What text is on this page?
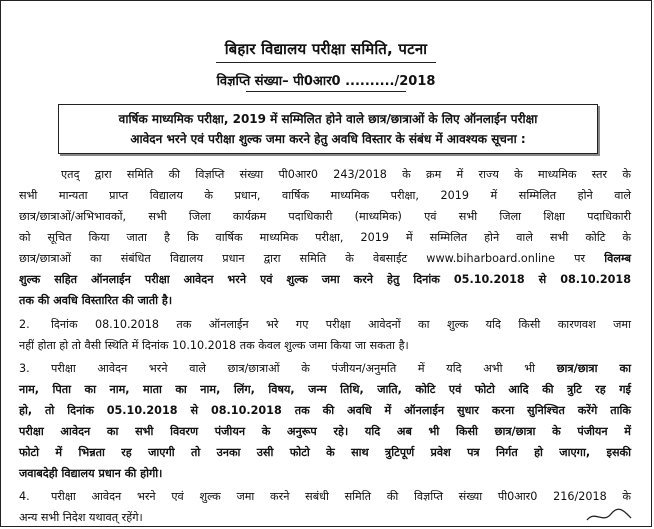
बिहार विद्यालय परीक्षा समिति, पटना
विज्ञप्ति संख्या– पी0आर0 ........../2018
वार्षिक माध्यमिक परीक्षा, 2019 में सम्मिलित होने वाले छात्र/छात्राओं के लिए ऑनलाईन परीक्षा
आवेदन भरने एवं परीक्षा शुल्क जमा करने हेतु अवधि विस्तार के संबंध में आवश्यक सूचना :
एतद् द्वारा समिति की विज्ञप्ति संख्या पी0आर0 243/2018 के क्रम में राज्य के माध्यमिक स्तर के
सभी मान्यता प्राप्त विद्यालय के प्रधान, वार्षिक माध्यमिक परीक्षा, 2019 में सम्मिलित होने वाले
छात्र/छात्राओं/अभिभावकों, सभी जिला कार्यक्रम पदाधिकारी (माध्यमिक) एवं सभी जिला शिक्षा पदाधिकारी
को सूचित किया जाता है कि वार्षिक माध्यमिक परीक्षा, 2019 में सम्मिलित होने वाले सभी कोटि के
छात्र/छात्राओं का संबंधित विद्यालय प्रधान द्वारा समिति के वेबसाईट www.biharboard.online पर विलम्ब
शुल्क सहित ऑनलाईन परीक्षा आवेदन भरने एवं शुल्क जमा करने हेतु दिनांक 05.10.2018 से 08.10.2018
तक की अवधि विस्तारित की जाती है।
2. दिनांक 08.10.2018 तक ऑनलाईन भरे गए परीक्षा आवेदनों का शुल्क यदि किसी कारणवश जमा
नहीं होता हो तो वैसी स्थिति में दिनांक 10.10.2018 तक केवल शुल्क जमा किया जा सकता है।
3. परीक्षा आवेदन भरने वाले छात्र/छात्राओं के पंजीयन/अनुमति में यदि अभी भी छात्र/छात्रा का
नाम, पिता का नाम, माता का नाम, लिंग, विषय, जन्म तिथि, जाति, कोटि एवं फोटो आदि की त्रुटि रह गई
हो, तो दिनांक 05.10.2018 से 08.10.2018 तक की अवधि में ऑनलाईन सुधार करना सुनिश्चित करेंगे ताकि
परीक्षा आवेदन का सभी विवरण पंजीयन के अनुरूप रहे। यदि अब भी किसी छात्र/छात्रा के पंजीयन में
फोटो में भिन्नता रह जाएगी तो उनका उसी फोटो के साथ त्रुटिपूर्ण प्रवेश पत्र निर्गत हो जाएगा, इसकी
जवाबदेही विद्यालय प्रधान की होगी।
4. परीक्षा आवेदन भरने एवं शुल्क जमा करने सबंधी समिति की विज्ञप्ति संख्या पी0आर0 216/2018 के
अन्य सभी निदेश यथावत् रहेंगे।
